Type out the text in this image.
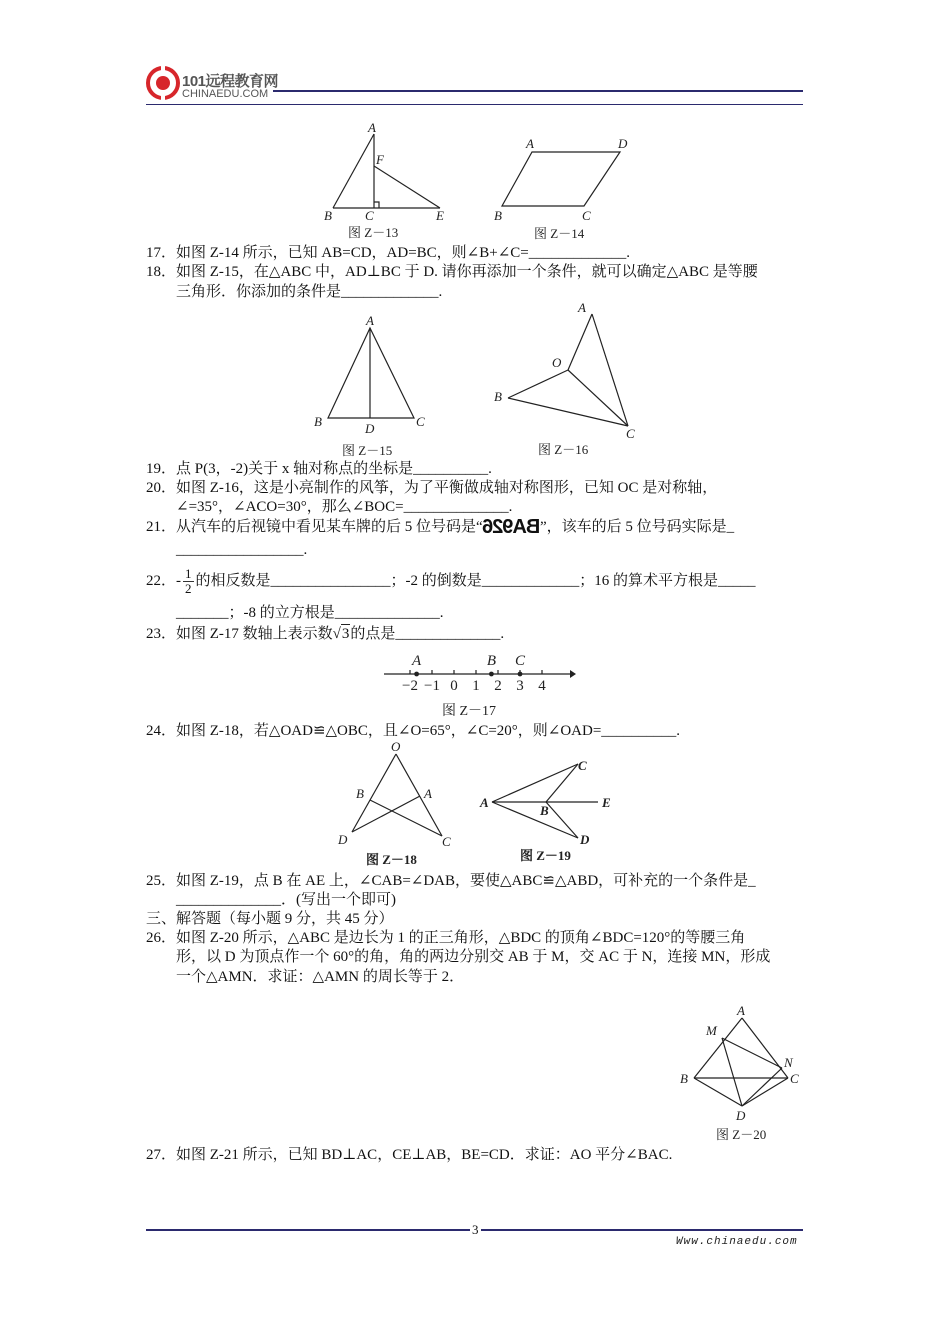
101远程教育网
CHINAEDU.COM
A
F
B	C	E
图 Z－13
A	D
B	C
图 Z－14
17．如图 Z-14 所示，已知 AB=CD，AD=BC，则∠B+∠C=_____________.
18．如图 Z-15，在△ABC 中，AD⊥BC 于 D. 请你再添加一个条件，就可以确定△ABC 是等腰
三角形．你添加的条件是_____________.
A
B	D	C
图 Z－15
A
O
B
C
图 Z－16
19．点 P(3，-2)关于 x 轴对称点的坐标是__________.
20．如图 Z-16，这是小亮制作的风筝，为了平衡做成轴对称图形，已知 OC 是对称轴，
∠=35°，∠ACO=30°，那么∠BOC=______________.
21．从汽车的后视镜中看见某车牌的后 5 位号码是“BA926”，该车的后 5 位号码实际是_
_________________.
22．- $\frac{1}{2}$ 的相反数是________________；-2 的倒数是_____________；16 的算术平方根是_____
_______；-8 的立方根是______________.
23．如图 Z-17 数轴上表示数√3的点是______________.
−2 −1 0 1 2 3 4
A	B C
图 Z－17
24．如图 Z-18，若△OAD≌△OBC，且∠O=65°，∠C=20°，则∠OAD=__________.
O
B	A
D	C
图 Z－18
A
C
B
E
D
图 Z－19
25．如图 Z-19，点 B 在 AE 上，∠CAB=∠DAB，要使△ABC≌△ABD，可补充的一个条件是_
______________．(写出一个即可)
三、解答题（每小题 9 分，共 45 分）
26．如图 Z-20 所示，△ABC 是边长为 1 的正三角形，△BDC 的顶角∠BDC=120°的等腰三角
形，以 D 为顶点作一个 60°的角，角的两边分别交 AB 于 M，交 AC 于 N，连接 MN，形成
一个△AMN．求证：△AMN 的周长等于 2．
A
M
N
B	C
D
图 Z－20
27．如图 Z-21 所示，已知 BD⊥AC，CE⊥AB，BE=CD．求证：AO 平分∠BAC.
3
Www.chinaedu.com
